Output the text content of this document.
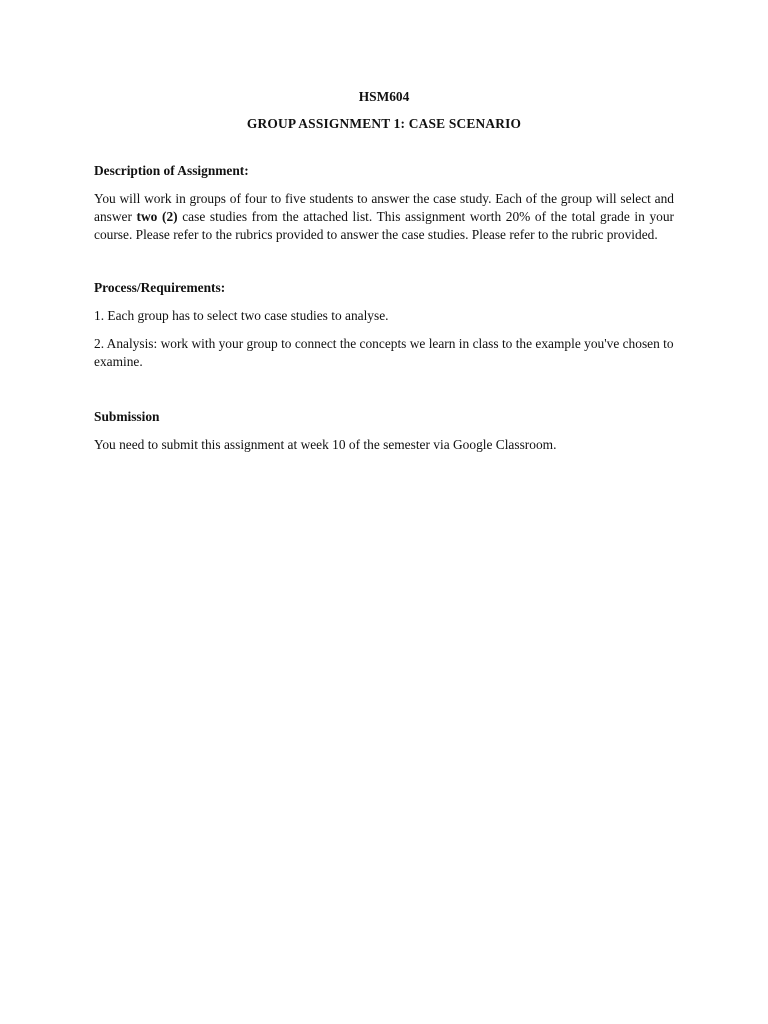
HSM604

GROUP ASSIGNMENT 1: CASE SCENARIO

Description of Assignment:

You will work in groups of four to five students to answer the case study. Each of the group will select and answer two (2) case studies from the attached list. This assignment worth 20% of the total grade in your course. Please refer to the rubrics provided to answer the case studies. Please refer to the rubric provided.

Process/Requirements:

1. Each group has to select two case studies to analyse.

2. Analysis: work with your group to connect the concepts we learn in class to the example you've chosen to examine.

Submission

You need to submit this assignment at week 10 of the semester via Google Classroom.
